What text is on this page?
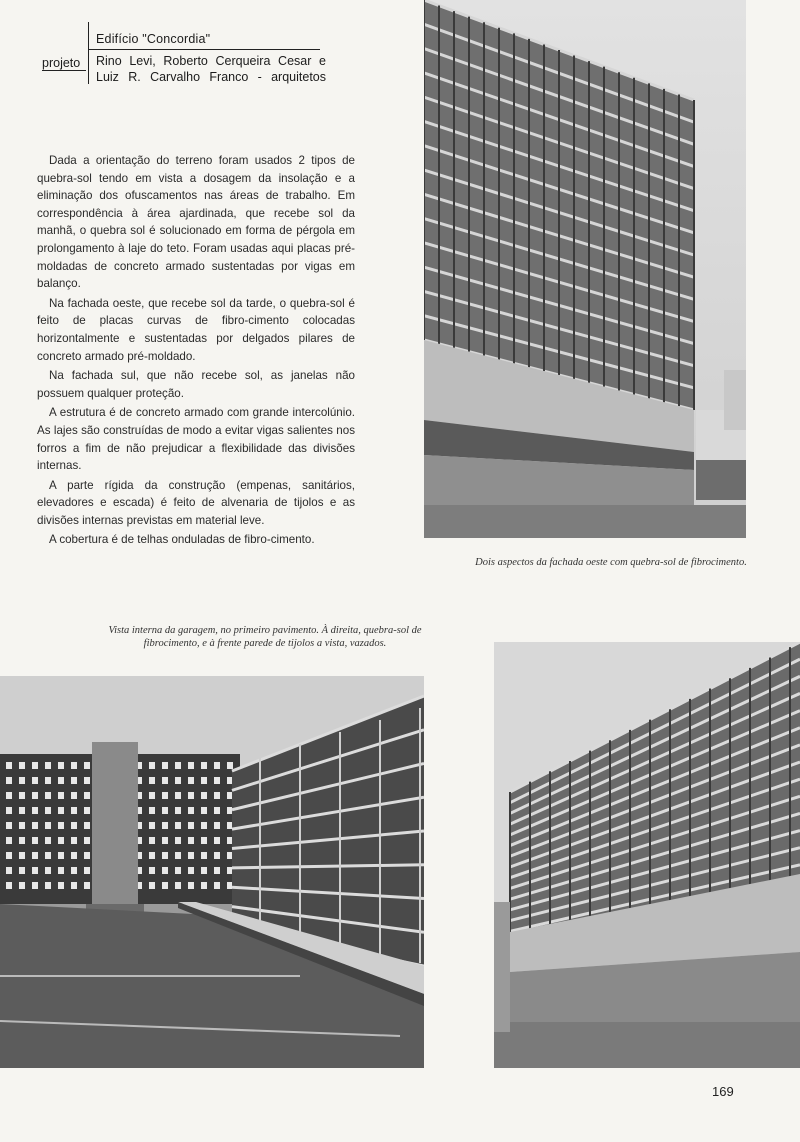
Edifício "Concordia"
projeto Rino Levi, Roberto Cerqueira Cesar e
Luiz R. Carvalho Franco - arquitetos

Dada a orientação do terreno foram usados 2 tipos de quebra-sol tendo em vista a dosagem da insolação e a eliminação dos ofuscamentos nas áreas de trabalho. Em correspondência à área ajardinada, que recebe sol da manhã, o quebra sol é solucionado em forma de pérgola em prolongamento à laje do teto. Foram usadas aqui placas pré-moldadas de concreto armado sustentadas por vigas em balanço.

Na fachada oeste, que recebe sol da tarde, o quebra-sol é feito de placas curvas de fibro-cimento colocadas horizontalmente e sustentadas por delgados pilares de concreto armado pré-moldado.

Na fachada sul, que não recebe sol, as janelas não possuem qualquer proteção.

A estrutura é de concreto armado com grande intercolúnio. As lajes são construídas de modo a evitar vigas salientes nos forros a fim de não prejudicar a flexibilidade das divisões internas.

A parte rígida da construção (empenas, sanitários, elevadores e escada) é feito de alvenaria de tijolos e as divisões internas previstas em material leve.

A cobertura é de telhas onduladas de fibro-cimento.

Dois aspectos da fachada oeste com quebra-sol de fibrocimento.
Vista interna da garagem, no primeiro pavimento. À direita, quebra-sol de fibrocimento, e à frente parede de tijolos a vista, vazados.
169
